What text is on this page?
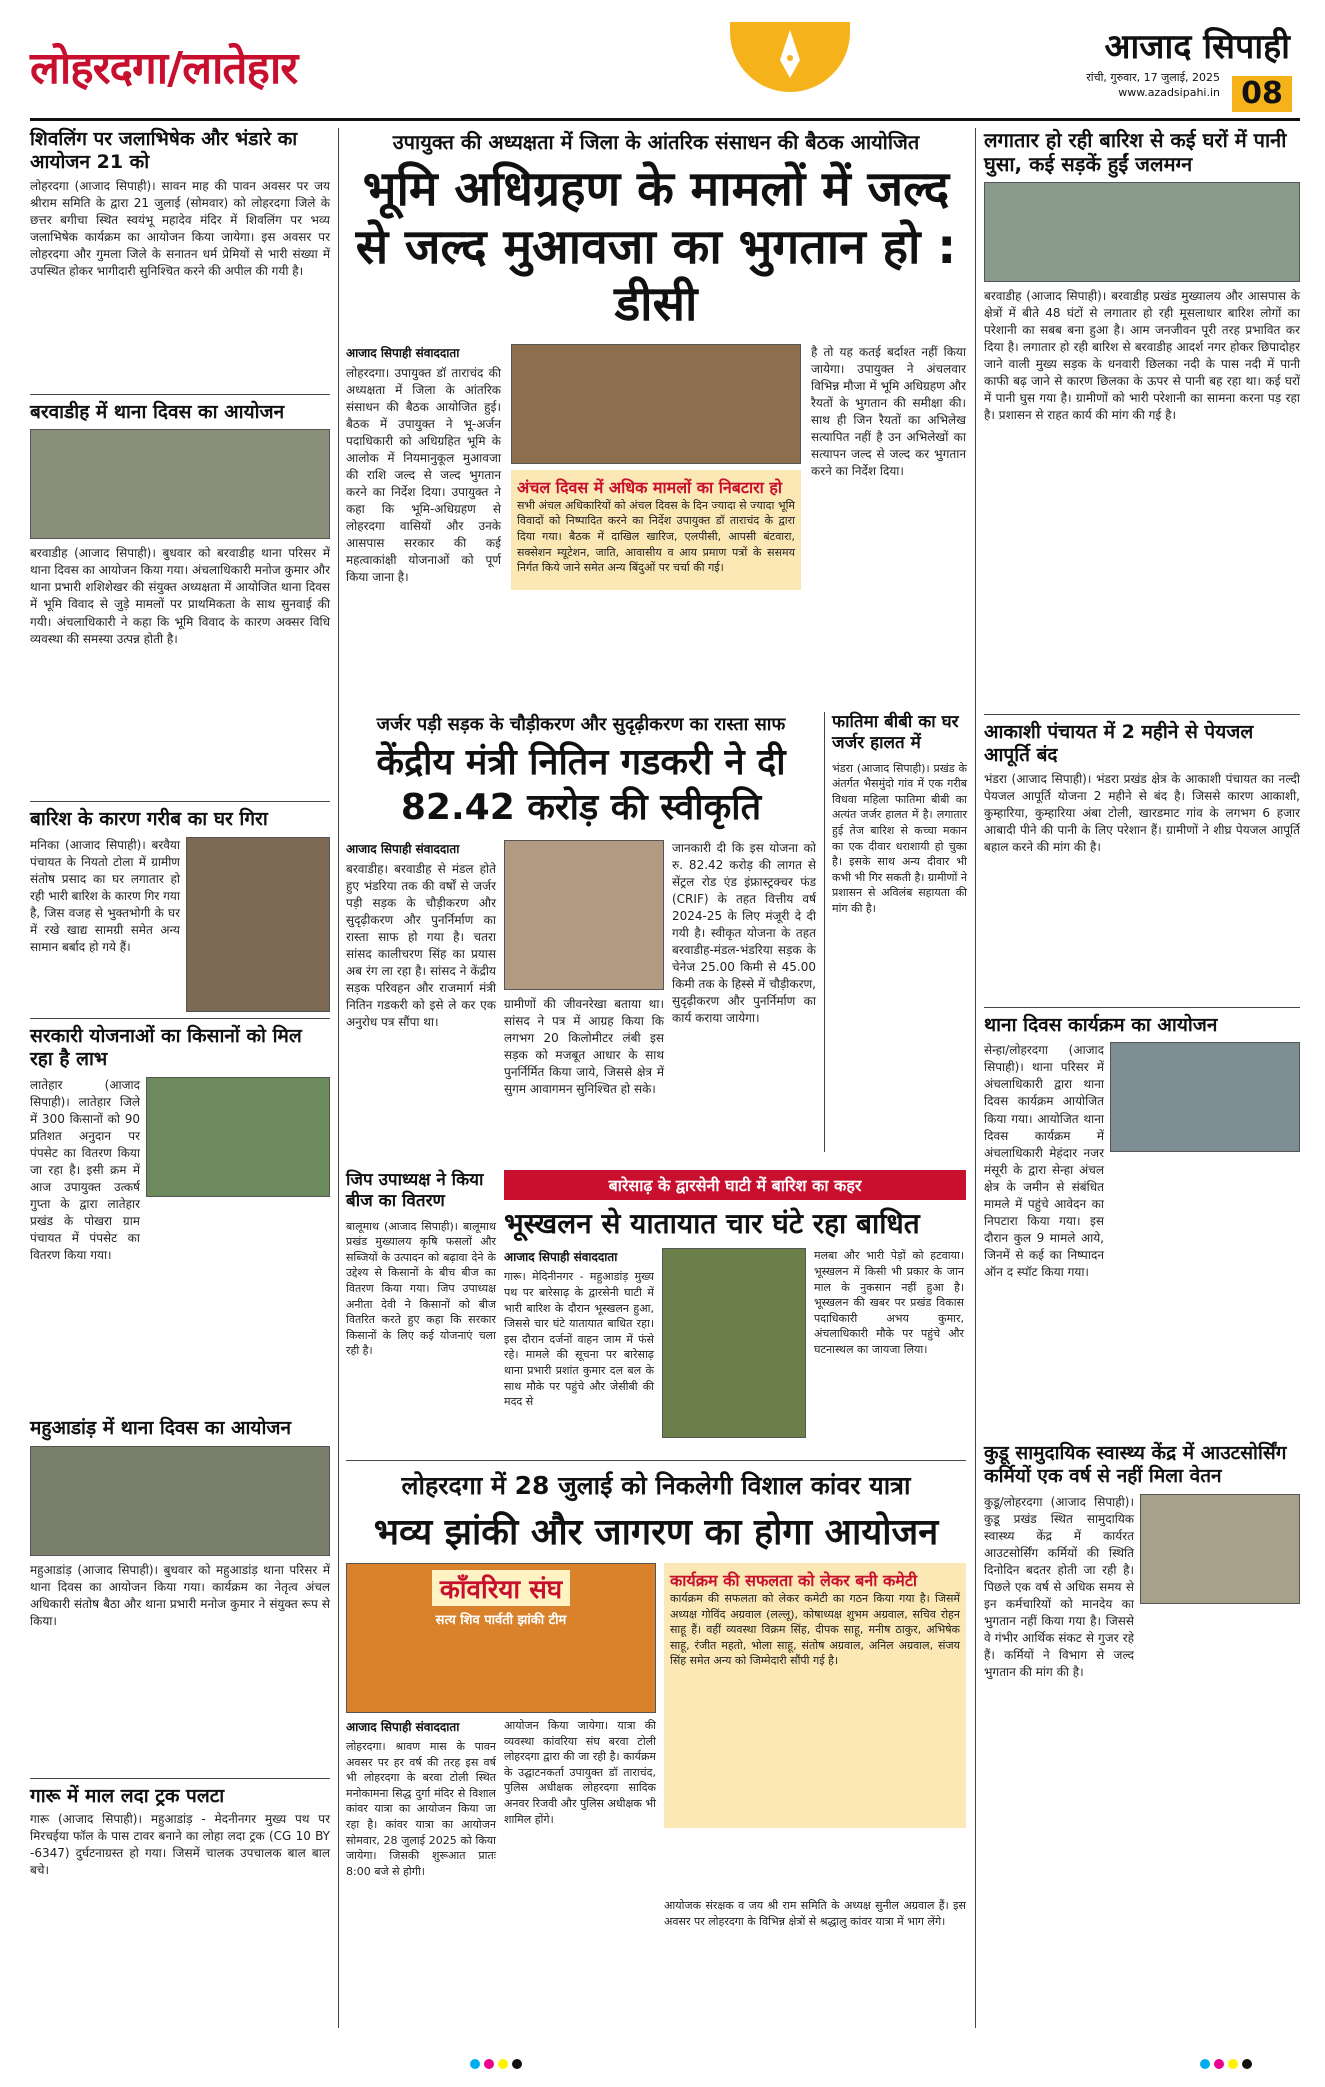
लोहरदगा/लातेहार	आजाद सिपाही
रांची, गुरुवार, 17 जुलाई, 2025
www.azadsipahi.in 08
शिवलिंग पर जलाभिषेक और भंडारे का आयोजन 21 को
लोहरदगा (आजाद सिपाही)। सावन माह की पावन अवसर पर जय श्रीराम समिति के द्वारा 21 जुलाई (सोमवार) को लोहरदगा जिले के छत्तर बगीचा स्थित स्वयंभू महादेव मंदिर में शिवलिंग पर भव्य जलाभिषेक कार्यक्रम का आयोजन किया जायेगा। इस अवसर पर लोहरदगा और गुमला जिले के सनातन धर्म प्रेमियों से भारी संख्या में उपस्थित होकर भागीदारी सुनिश्चित करने की अपील की गयी है।
बरवाडीह में थाना दिवस का आयोजन
बरवाडीह (आजाद सिपाही)। बुधवार को बरवाडीह थाना परिसर में थाना दिवस का आयोजन किया गया। अंचलाधिकारी मनोज कुमार और थाना प्रभारी शशिशेखर की संयुक्त अध्यक्षता में आयोजित थाना दिवस में भूमि विवाद से जुड़े मामलों पर प्राथमिकता के साथ सुनवाई की गयी। अंचलाधिकारी ने कहा कि भूमि विवाद के कारण अक्सर विधि व्यवस्था की समस्या उत्पन्न होती है।
बारिश के कारण गरीब का घर गिरा
मनिका (आजाद सिपाही)। बरवैया पंचायत के नियतो टोला में ग्रामीण संतोष प्रसाद का घर लगातार हो रही भारी बारिश के कारण गिर गया है, जिस वजह से भुक्तभोगी के घर में रखे खाद्य सामग्री समेत अन्य सामान बर्बाद हो गये हैं।
सरकारी योजनाओं का किसानों को मिल रहा है लाभ
लातेहार (आजाद सिपाही)। लातेहार जिले में 300 किसानों को 90 प्रतिशत अनुदान पर पंपसेट का वितरण किया जा रहा है। इसी क्रम में आज उपायुक्त उत्कर्ष गुप्ता के द्वारा लातेहार प्रखंड के पोखरा ग्राम पंचायत में पंपसेट का वितरण किया गया।
महुआडांड़ में थाना दिवस का आयोजन
महुआडांड़ (आजाद सिपाही)। बुधवार को महुआडांड़ थाना परिसर में थाना दिवस का आयोजन किया गया। कार्यक्रम का नेतृत्व अंचल अधिकारी संतोष बैठा और थाना प्रभारी मनोज कुमार ने संयुक्त रूप से किया।
गारू में माल लदा ट्रक पलटा
गारू (आजाद सिपाही)। महुआडांड़ - मेदनीनगर मुख्य पथ पर मिरचईया फॉल के पास टावर बनाने का लोहा लदा ट्रक (CG 10 BY -6347) दुर्घटनाग्रस्त हो गया। जिसमें चालक उपचालक बाल बाल बचे।
उपायुक्त की अध्यक्षता में जिला के आंतरिक संसाधन की बैठक आयोजित
भूमि अधिग्रहण के मामलों में जल्द से जल्द मुआवजा का भुगतान हो : डीसी
आजाद सिपाही संवाददाता
लोहरदगा। उपायुक्त डॉ ताराचंद की अध्यक्षता में जिला के आंतरिक संसाधन की बैठक आयोजित हुई। बैठक में उपायुक्त ने भू-अर्जन पदाधिकारी को अधिग्रहित भूमि के आलोक में नियमानुकूल मुआवजा की राशि जल्द से जल्द भुगतान करने का निर्देश दिया। उपायुक्त ने कहा कि भूमि-अधिग्रहण से लोहरदगा वासियों और उनके आसपास सरकार की कई महत्वाकांक्षी योजनाओं को पूर्ण किया जाना है।
अंचल दिवस में अधिक मामलों का निबटारा हो
सभी अंचल अधिकारियों को अंचल दिवस के दिन ज्यादा से ज्यादा भूमि विवादों को निष्पादित करने का निर्देश उपायुक्त डॉ ताराचंद के द्वारा दिया गया। बैठक में दाखिल खारिज, एलपीसी, आपसी बंटवारा, सक्सेशन म्यूटेशन, जाति, आवासीय व आय प्रमाण पत्रों के ससमय निर्गत किये जाने समेत अन्य बिंदुओं पर चर्चा की गई।
है तो यह कतई बर्दाश्त नहीं किया जायेगा। उपायुक्त ने अंचलवार विभिन्न मौजा में भूमि अधिग्रहण और रैयतों के भुगतान की समीक्षा की। साथ ही जिन रैयतों का अभिलेख सत्यापित नहीं है उन अभिलेखों का सत्यापन जल्द से जल्द कर भुगतान करने का निर्देश दिया।
जर्जर पड़ी सड़क के चौड़ीकरण और सुदृढ़ीकरण का रास्ता साफ
केंद्रीय मंत्री नितिन गडकरी ने दी 82.42 करोड़ की स्वीकृति
आजाद सिपाही संवाददाता
बरवाडीह। बरवाडीह से मंडल होते हुए भंडरिया तक की वर्षों से जर्जर पड़ी सड़क के चौड़ीकरण और सुदृढ़ीकरण और पुनर्निर्माण का रास्ता साफ हो गया है। चतरा सांसद कालीचरण सिंह का प्रयास अब रंग ला रहा है। सांसद ने केंद्रीय सड़क परिवहन और राजमार्ग मंत्री नितिन गडकरी को इसे ले कर एक अनुरोध पत्र सौंपा था।
ग्रामीणों की जीवनरेखा बताया था। सांसद ने पत्र में आग्रह किया कि लगभग 20 किलोमीटर लंबी इस सड़क को मजबूत आधार के साथ पुनर्निर्मित किया जाये, जिससे क्षेत्र में सुगम आवागमन सुनिश्चित हो सके।
जानकारी दी कि इस योजना को रु. 82.42 करोड़ की लागत से सेंट्रल रोड एंड इंफ्रास्ट्रक्चर फंड (CRIF) के तहत वित्तीय वर्ष 2024-25 के लिए मंजूरी दे दी गयी है। स्वीकृत योजना के तहत बरवाडीह-मंडल-भंडरिया सड़क के चेनेज 25.00 किमी से 45.00 किमी तक के हिस्से में चौड़ीकरण, सुदृढ़ीकरण और पुनर्निर्माण का कार्य कराया जायेगा।
फातिमा बीबी का घर जर्जर हालत में
भंडरा (आजाद सिपाही)। प्रखंड के अंतर्गत भैसमुंदो गांव में एक गरीब विधवा महिला फातिमा बीबी का अत्यंत जर्जर हालत में है। लगातार हुई तेज बारिश से कच्चा मकान का एक दीवार धराशायी हो चुका है। इसके साथ अन्य दीवार भी कभी भी गिर सकती है। ग्रामीणों ने प्रशासन से अविलंब सहायता की मांग की है।
जिप उपाध्यक्ष ने किया बीज का वितरण
बालूमाथ (आजाद सिपाही)। बालूमाथ प्रखंड मुख्यालय कृषि फसलों और सब्जियों के उत्पादन को बढ़ावा देने के उद्देश्य से किसानों के बीच बीज का वितरण किया गया। जिप उपाध्यक्ष अनीता देवी ने किसानों को बीज वितरित करते हुए कहा कि सरकार किसानों के लिए कई योजनाएं चला रही है।
बारेसाढ़ के द्वारसेनी घाटी में बारिश का कहर
भूस्खलन से यातायात चार घंटे रहा बाधित
आजाद सिपाही संवाददाता
गारू। मेदिनीनगर - महुआडांड़ मुख्य पथ पर बारेसाढ़ के द्वारसेनी घाटी में भारी बारिश के दौरान भूस्खलन हुआ, जिससे चार घंटे यातायात बाधित रहा। इस दौरान दर्जनों वाहन जाम में फंसे रहे। मामले की सूचना पर बारेसाढ़ थाना प्रभारी प्रशांत कुमार दल बल के साथ मौके पर पहुंचे और जेसीबी की मदद से
मलबा और भारी पेड़ों को हटवाया। भूस्खलन में किसी भी प्रकार के जान माल के नुकसान नहीं हुआ है। भूस्खलन की खबर पर प्रखंड विकास पदाधिकारी अभय कुमार, अंचलाधिकारी मौके पर पहुंचे और घटनास्थल का जायजा लिया।
लोहरदगा में 28 जुलाई को निकलेगी विशाल कांवर यात्रा
भव्य झांकी और जागरण का होगा आयोजन
काँवरिया संघ
सत्य शिव पार्वती झांकी टीम
कार्यक्रम की सफलता को लेकर बनी कमेटी
कार्यक्रम की सफलता को लेकर कमेटी का गठन किया गया है। जिसमें अध्यक्ष गोविंद अग्रवाल (लल्लू), कोषाध्यक्ष शुभम अग्रवाल, सचिव रोहन साहू हैं। वहीं व्यवस्था विक्रम सिंह, दीपक साहू, मनीष ठाकुर, अभिषेक साहू, रंजीत महतो, भोला साहू, संतोष अग्रवाल, अनिल अग्रवाल, संजय सिंह समेत अन्य को जिम्मेदारी सौंपी गई है।
आजाद सिपाही संवाददाता
लोहरदगा। श्रावण मास के पावन अवसर पर हर वर्ष की तरह इस वर्ष भी लोहरदगा के बरवा टोली स्थित मनोकामना सिद्ध दुर्गा मंदिर से विशाल कांवर यात्रा का आयोजन किया जा रहा है। कांवर यात्रा का आयोजन सोमवार, 28 जुलाई 2025 को किया जायेगा। जिसकी शुरूआत प्रातः 8:00 बजे से होगी।
आयोजन किया जायेगा। यात्रा की व्यवस्था कांवरिया संघ बरवा टोली लोहरदगा द्वारा की जा रही है। कार्यक्रम के उद्घाटनकर्ता उपायुक्त डॉ ताराचंद, पुलिस अधीक्षक लोहरदगा सादिक अनवर रिजवी और पुलिस अधीक्षक भी शामिल होंगे।
आयोजक संरक्षक व जय श्री राम समिति के अध्यक्ष सुनील अग्रवाल हैं। इस अवसर पर लोहरदगा के विभिन्न क्षेत्रों से श्रद्धालु कांवर यात्रा में भाग लेंगे।
लगातार हो रही बारिश से कई घरों में पानी घुसा, कई सड़कें हुईं जलमग्न
बरवाडीह (आजाद सिपाही)। बरवाडीह प्रखंड मुख्यालय और आसपास के क्षेत्रों में बीते 48 घंटों से लगातार हो रही मूसलाधार बारिश लोगों का परेशानी का सबब बना हुआ है। आम जनजीवन पूरी तरह प्रभावित कर दिया है। लगातार हो रही बारिश से बरवाडीह आदर्श नगर होकर छिपादोहर जाने वाली मुख्य सड़क के धनवारी छिलका नदी के पास नदी में पानी काफी बढ़ जाने से कारण छिलका के ऊपर से पानी बह रहा था। कई घरों में पानी घुस गया है। ग्रामीणों को भारी परेशानी का सामना करना पड़ रहा है। प्रशासन से राहत कार्य की मांग की गई है।
आकाशी पंचायत में 2 महीने से पेयजल आपूर्ति बंद
भंडरा (आजाद सिपाही)। भंडरा प्रखंड क्षेत्र के आकाशी पंचायत का नल्दी पेयजल आपूर्ति योजना 2 महीने से बंद है। जिससे कारण आकाशी, कुम्हारिया, कुम्हारिया अंबा टोली, खारडमाट गांव के लगभग 6 हजार आबादी पीने की पानी के लिए परेशान हैं। ग्रामीणों ने शीघ्र पेयजल आपूर्ति बहाल करने की मांग की है।
थाना दिवस कार्यक्रम का आयोजन
सेन्हा/लोहरदगा (आजाद सिपाही)। थाना परिसर में अंचलाधिकारी द्वारा थाना दिवस कार्यक्रम आयोजित किया गया। आयोजित थाना दिवस कार्यक्रम में अंचलाधिकारी मेहंदार नजर मंसूरी के द्वारा सेन्हा अंचल क्षेत्र के जमीन से संबंधित मामले में पहुंचे आवेदन का निपटारा किया गया। इस दौरान कुल 9 मामले आये, जिनमें से कई का निष्पादन ऑन द स्पॉट किया गया।
कुडू सामुदायिक स्वास्थ्य केंद्र में आउटसोर्सिंग कर्मियों एक वर्ष से नहीं मिला वेतन
कुडू/लोहरदगा (आजाद सिपाही)। कुडू प्रखंड स्थित सामुदायिक स्वास्थ्य केंद्र में कार्यरत आउटसोर्सिंग कर्मियों की स्थिति दिनोदिन बदतर होती जा रही है। पिछले एक वर्ष से अधिक समय से इन कर्मचारियों को मानदेय का भुगतान नहीं किया गया है। जिससे वे गंभीर आर्थिक संकट से गुजर रहे हैं। कर्मियों ने विभाग से जल्द भुगतान की मांग की है।
